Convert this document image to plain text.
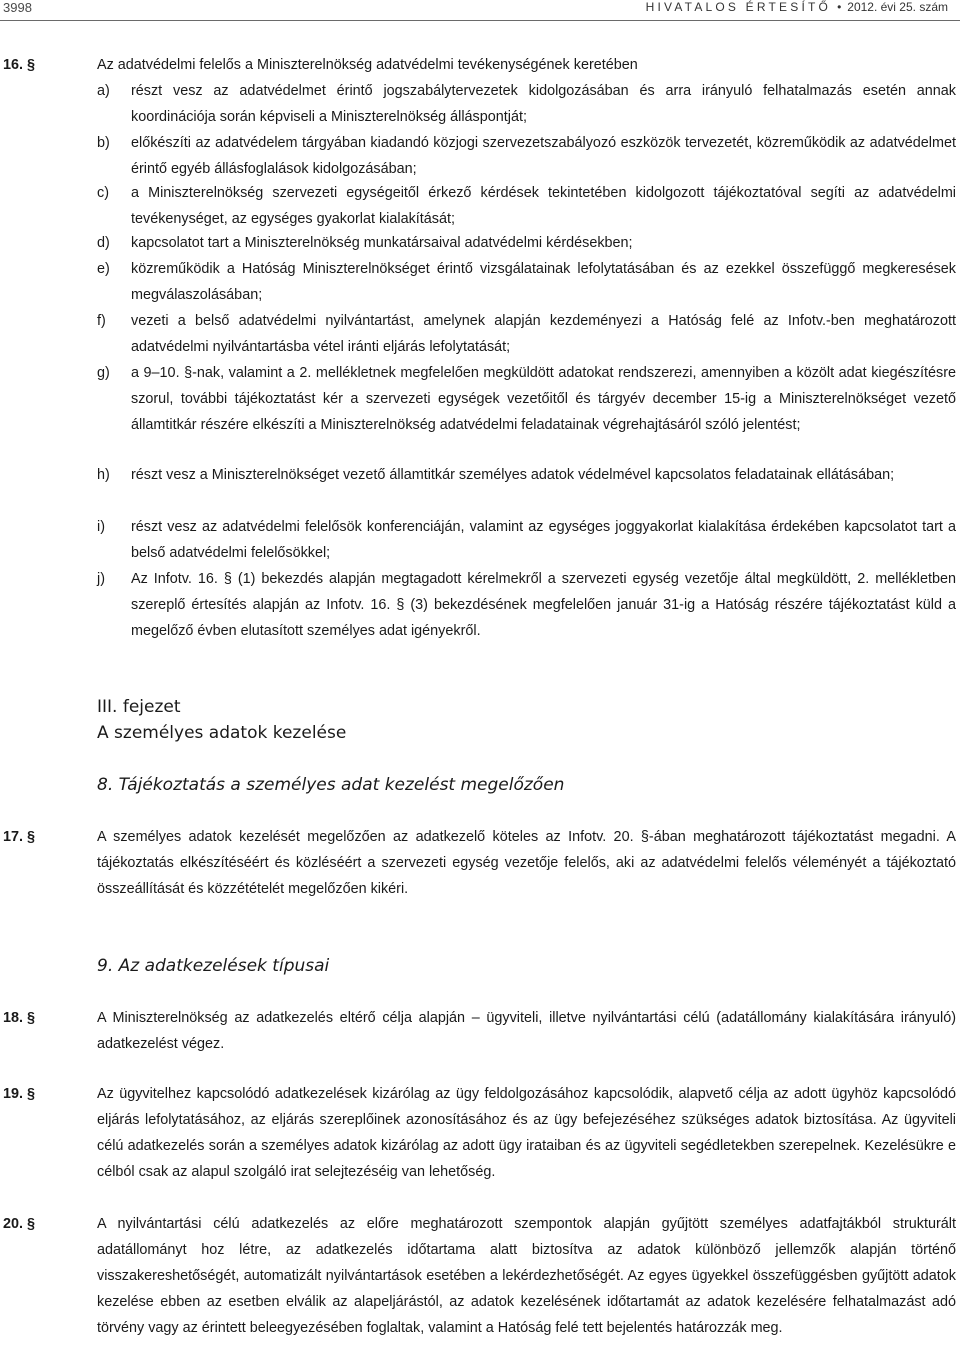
3998	HIVATALOS ÉRTESÍTŐ • 2012. évi 25. szám
16. §	Az adatvédelmi felelős a Miniszterelnökség adatvédelmi tevékenységének keretében
a) részt vesz az adatvédelmet érintő jogszabálytervezetek kidolgozásában és arra irányuló felhatalmazás esetén annak koordinációja során képviseli a Miniszterelnökség álláspontját;
b) előkészíti az adatvédelem tárgyában kiadandó közjogi szervezetszabályozó eszközök tervezetét, közreműködik az adatvédelmet érintő egyéb állásfoglalások kidolgozásában;
c) a Miniszterelnökség szervezeti egységeitől érkező kérdések tekintetében kidolgozott tájékoztatóval segíti az adatvédelmi tevékenységet, az egységes gyakorlat kialakítását;
d) kapcsolatot tart a Miniszterelnökség munkatársaival adatvédelmi kérdésekben;
e) közreműködik a Hatóság Miniszterelnökséget érintő vizsgálatainak lefolytatásában és az ezekkel összefüggő megkeresések megválaszolásában;
f) vezeti a belső adatvédelmi nyilvántartást, amelynek alapján kezdeményezi a Hatóság felé az Infotv.-ben meghatározott adatvédelmi nyilvántartásba vétel iránti eljárás lefolytatását;
g) a 9–10. §-nak, valamint a 2. mellékletnek megfelelően megküldött adatokat rendszerezi, amennyiben a közölt adat kiegészítésre szorul, további tájékoztatást kér a szervezeti egységek vezetőitől és tárgyév december 15-ig a Miniszterelnökséget vezető államtitkár részére elkészíti a Miniszterelnökség adatvédelmi feladatainak végrehajtásáról szóló jelentést;
h) részt vesz a Miniszterelnökséget vezető államtitkár személyes adatok védelmével kapcsolatos feladatainak ellátásában;
i) részt vesz az adatvédelmi felelősök konferenciáján, valamint az egységes joggyakorlat kialakítása érdekében kapcsolatot tart a belső adatvédelmi felelősökkel;
j) Az Infotv. 16. § (1) bekezdés alapján megtagadott kérelmekről a szervezeti egység vezetője által megküldött, 2. mellékletben szereplő értesítés alapján az Infotv. 16. § (3) bekezdésének megfelelően január 31-ig a Hatóság részére tájékoztatást küld a megelőző évben elutasított személyes adat igényekről.
III. fejezet
A személyes adatok kezelése
8. Tájékoztatás a személyes adat kezelést megelőzően
17. §	A személyes adatok kezelését megelőzően az adatkezelő köteles az Infotv. 20. §-ában meghatározott tájékoztatást megadni. A tájékoztatás elkészítéséért és közléséért a szervezeti egység vezetője felelős, aki az adatvédelmi felelős véleményét a tájékoztató összeállítását és közzétételét megelőzően kikéri.
9. Az adatkezelések típusai
18. §	A Miniszterelnökség az adatkezelés eltérő célja alapján – ügyviteli, illetve nyilvántartási célú (adatállomány kialakítására irányuló) adatkezelést végez.
19. §	Az ügyvitelhez kapcsolódó adatkezelések kizárólag az ügy feldolgozásához kapcsolódik, alapvető célja az adott ügyhöz kapcsolódó eljárás lefolytatásához, az eljárás szereplőinek azonosításához és az ügy befejezéséhez szükséges adatok biztosítása. Az ügyviteli célú adatkezelés során a személyes adatok kizárólag az adott ügy irataiban és az ügyviteli segédletekben szerepelnek. Kezelésükre e célból csak az alapul szolgáló irat selejtezéséig van lehetőség.
20. §	A nyilvántartási célú adatkezelés az előre meghatározott szempontok alapján gyűjtött személyes adatfajtákból strukturált adatállományt hoz létre, az adatkezelés időtartama alatt biztosítva az adatok különböző jellemzők alapján történő visszakereshetőségét, automatizált nyilvántartások esetében a lekérdezhetőségét. Az egyes ügyekkel összefüggésben gyűjtött adatok kezelése ebben az esetben elválik az alapeljárástól, az adatok kezelésének időtartamát az adatok kezelésére felhatalmazást adó törvény vagy az érintett beleegyezésében foglaltak, valamint a Hatóság felé tett bejelentés határozzák meg.
